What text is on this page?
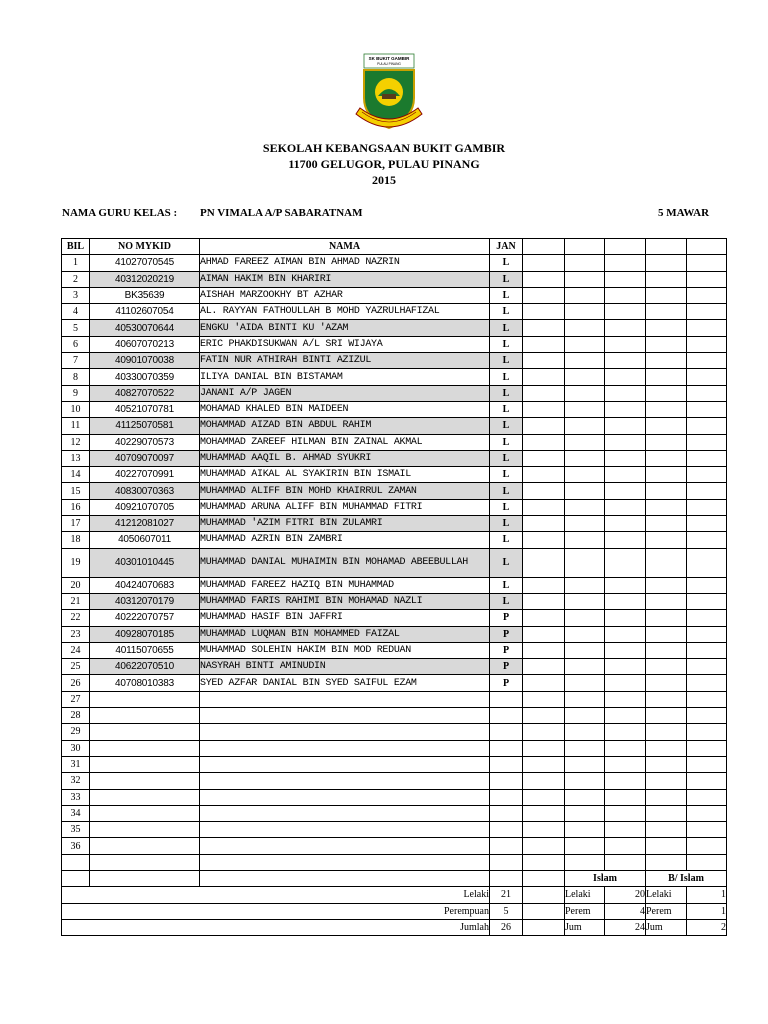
SK BUKIT GAMBIR
PULAU PINANG
SEKOLAH KEBANGSAAN BUKIT GAMBIR
11700 GELUGOR, PULAU PINANG
2015
NAMA GURU KELAS : PN VIMALA A/P SABARATNAM	5 MAWAR
BIL	NO MYKID	NAMA	JAN					
1	41027070545	AHMAD FAREEZ AIMAN BIN AHMAD NAZRIN	L					
2	40312020219	AIMAN HAKIM BIN KHARIRI	L					
3	BK35639	AISHAH MARZOOKHY BT AZHAR	L					
4	41102607054	AL. RAYYAN FATHOULLAH B MOHD YAZRULHAFIZAL	L					
5	40530070644	ENGKU 'AIDA BINTI KU 'AZAM	L					
6	40607070213	ERIC PHAKDISUKWAN A/L SRI WIJAYA	L					
7	40901070038	FATIN NUR ATHIRAH BINTI AZIZUL	L					
8	40330070359	ILIYA DANIAL BIN BISTAMAM	L					
9	40827070522	JANANI A/P JAGEN	L					
10	40521070781	MOHAMAD KHALED BIN MAIDEEN	L					
11	41125070581	MOHAMMAD AIZAD BIN ABDUL RAHIM	L					
12	40229070573	MOHAMMAD ZAREEF HILMAN BIN ZAINAL AKMAL	L					
13	40709070097	MUHAMMAD AAQIL B. AHMAD SYUKRI	L					
14	40227070991	MUHAMMAD AIKAL AL SYAKIRIN BIN ISMAIL	L					
15	40830070363	MUHAMMAD ALIFF BIN MOHD KHAIRRUL ZAMAN	L					
16	40921070705	MUHAMMAD ARUNA ALIFF BIN MUHAMMAD FITRI	L					
17	41212081027	MUHAMMAD 'AZIM FITRI BIN ZULAMRI	L					
18	4050607011	MUHAMMAD AZRIN BIN ZAMBRI	L					
19	40301010445	MUHAMMAD DANIAL MUHAIMIN BIN MOHAMAD ABEEBULLAH	L					
20	40424070683	MUHAMMAD FAREEZ HAZIQ BIN MUHAMMAD	L					
21	40312070179	MUHAMMAD FARIS RAHIMI BIN MOHAMAD NAZLI	L					
22	40222070757	MUHAMMAD HASIF BIN JAFFRI	P					
23	40928070185	MUHAMMAD LUQMAN BIN MOHAMMED FAIZAL	P					
24	40115070655	MUHAMMAD SOLEHIN HAKIM BIN MOD REDUAN	P					
25	40622070510	NASYRAH BINTI AMINUDIN	P					
26	40708010383	SYED AZFAR DANIAL BIN SYED SAIFUL EZAM	P					
27								
28								
29								
30								
31								
32								
33								
34								
35								
36								

					Islam		B/ Islam	
Lelaki			21		Lelaki	20	Lelaki	1
Perempuan			5		Perem	4	Perem	1
Jumlah			26		Jum	24	Jum	2
